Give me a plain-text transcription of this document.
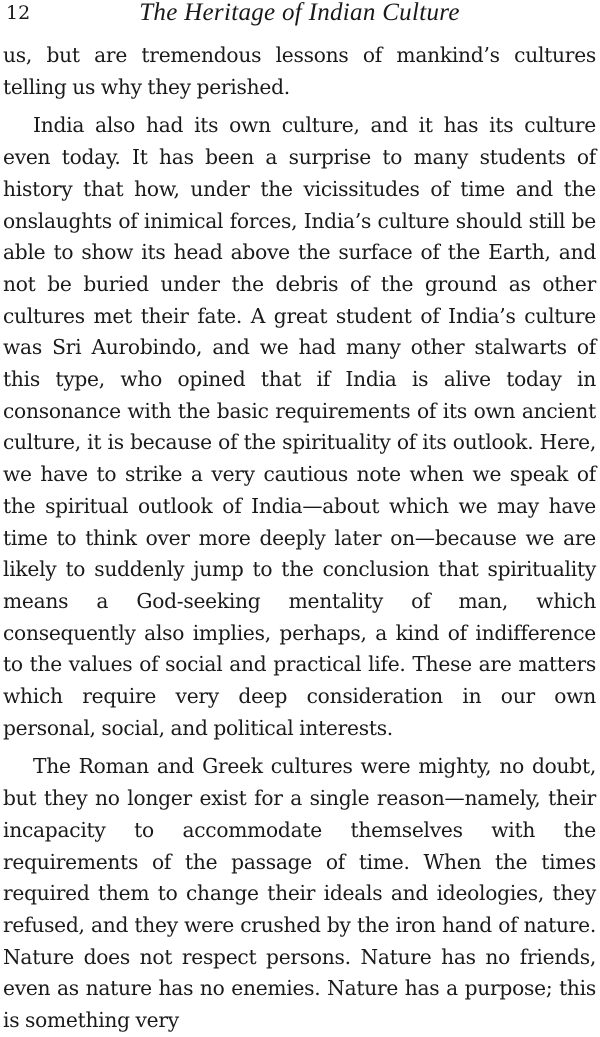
12	The Heritage of Indian Culture

us, but are tremendous lessons of mankind’s cultures telling us why they perished.

India also had its own culture, and it has its culture even today. It has been a surprise to many students of history that how, under the vicissitudes of time and the onslaughts of inimical forces, India’s culture should still be able to show its head above the surface of the Earth, and not be buried under the debris of the ground as other cultures met their fate. A great student of India’s culture was Sri Aurobindo, and we had many other stalwarts of this type, who opined that if India is alive today in consonance with the basic requirements of its own ancient culture, it is because of the spirituality of its outlook. Here, we have to strike a very cautious note when we speak of the spiritual outlook of India—about which we may have time to think over more deeply later on—because we are likely to suddenly jump to the conclusion that spirituality means a God-seeking mentality of man, which consequently also implies, perhaps, a kind of indifference to the values of social and practical life. These are matters which require very deep consideration in our own personal, social, and political interests.

The Roman and Greek cultures were mighty, no doubt, but they no longer exist for a single reason—namely, their incapacity to accommodate themselves with the requirements of the passage of time. When the times required them to change their ideals and ideologies, they refused, and they were crushed by the iron hand of nature. Nature does not respect persons. Nature has no friends, even as nature has no enemies. Nature has a purpose; this is something very
